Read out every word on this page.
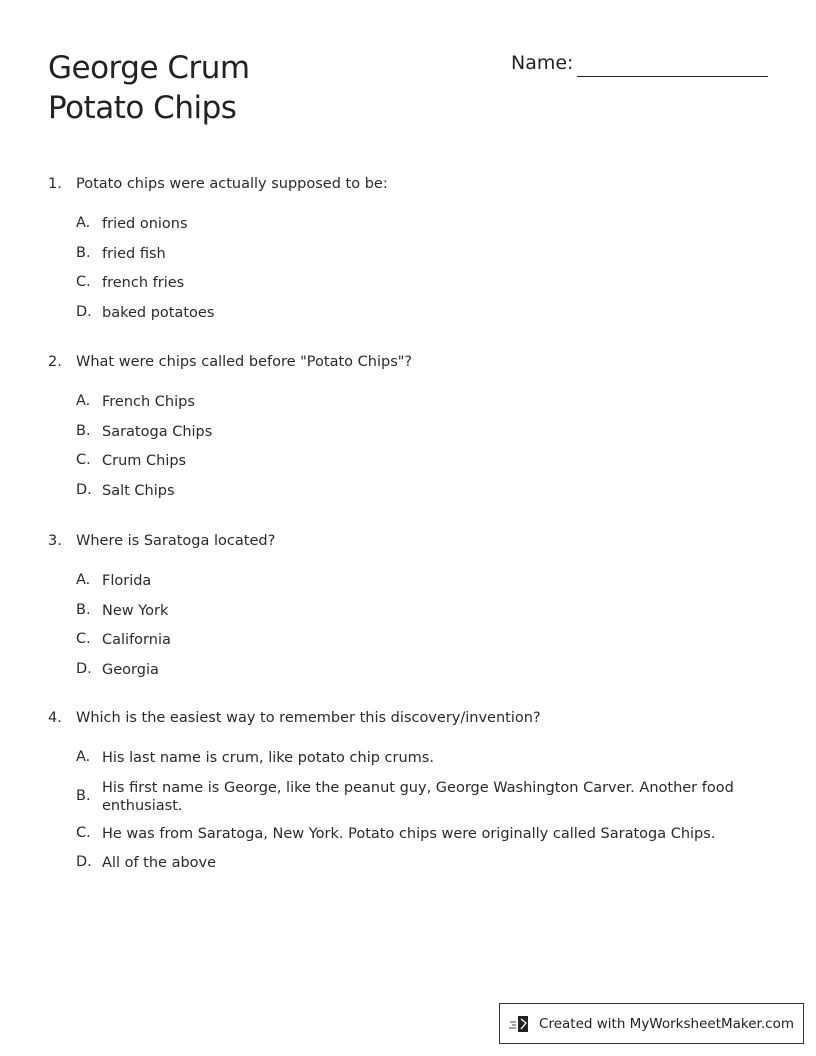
George Crum
Potato Chips
Name:
1. Potato chips were actually supposed to be:
A. fried onions
B. fried fish
C. french fries
D. baked potatoes
2. What were chips called before "Potato Chips"?
A. French Chips
B. Saratoga Chips
C. Crum Chips
D. Salt Chips
3. Where is Saratoga located?
A. Florida
B. New York
C. California
D. Georgia
4. Which is the easiest way to remember this discovery/invention?
A. His last name is crum, like potato chip crums.
B. His first name is George, like the peanut guy, George Washington Carver. Another food
enthusiast.
C. He was from Saratoga, New York. Potato chips were originally called Saratoga Chips.
D. All of the above
Created with MyWorksheetMaker.com
